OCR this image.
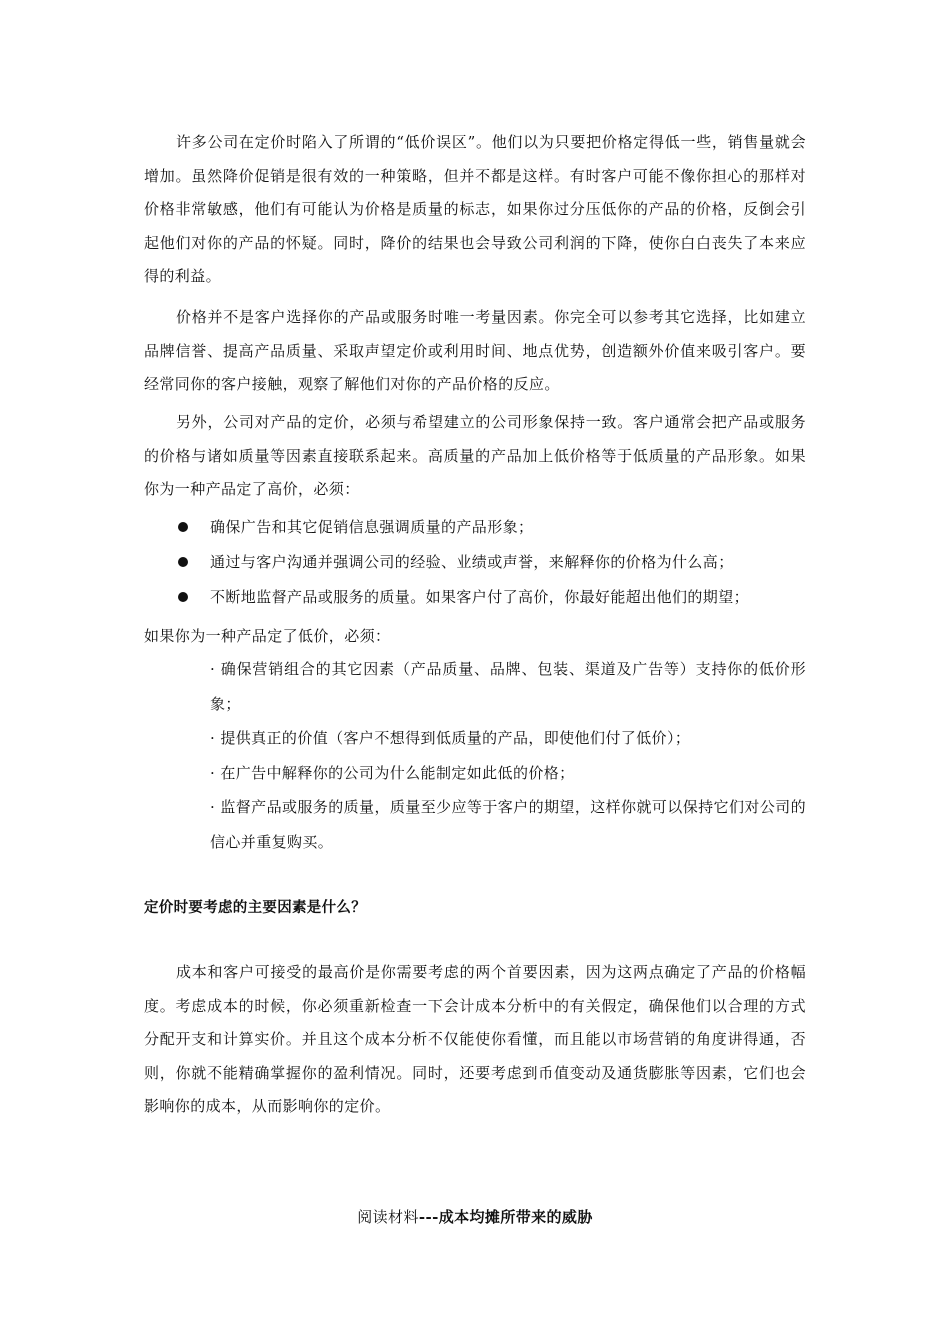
许多公司在定价时陷入了所谓的“低价误区”。他们以为只要把价格定得低一些，销售量就会增加。虽然降价促销是很有效的一种策略，但并不都是这样。有时客户可能不像你担心的那样对价格非常敏感，他们有可能认为价格是质量的标志，如果你过分压低你的产品的价格，反倒会引起他们对你的产品的怀疑。同时，降价的结果也会导致公司利润的下降，使你白白丧失了本来应得的利益。

价格并不是客户选择你的产品或服务时唯一考量因素。你完全可以参考其它选择，比如建立品牌信誉、提高产品质量、采取声望定价或利用时间、地点优势，创造额外价值来吸引客户。要经常同你的客户接触，观察了解他们对你的产品价格的反应。

另外，公司对产品的定价，必须与希望建立的公司形象保持一致。客户通常会把产品或服务的价格与诸如质量等因素直接联系起来。高质量的产品加上低价格等于低质量的产品形象。如果你为一种产品定了高价，必须：

确保广告和其它促销信息强调质量的产品形象；
通过与客户沟通并强调公司的经验、业绩或声誉，来解释你的价格为什么高；
不断地监督产品或服务的质量。如果客户付了高价，你最好能超出他们的期望；

如果你为一种产品定了低价，必须：

· 确保营销组合的其它因素（产品质量、品牌、包装、渠道及广告等）支持你的低价形象；
· 提供真正的价值（客户不想得到低质量的产品，即使他们付了低价）；
· 在广告中解释你的公司为什么能制定如此低的价格；
· 监督产品或服务的质量，质量至少应等于客户的期望，这样你就可以保持它们对公司的信心并重复购买。
定价时要考虑的主要因素是什么？

成本和客户可接受的最高价是你需要考虑的两个首要因素，因为这两点确定了产品的价格幅度。考虑成本的时候，你必须重新检查一下会计成本分析中的有关假定，确保他们以合理的方式分配开支和计算实价。并且这个成本分析不仅能使你看懂，而且能以市场营销的角度讲得通，否则，你就不能精确掌握你的盈利情况。同时，还要考虑到币值变动及通货膨胀等因素，它们也会影响你的成本，从而影响你的定价。

阅读材料---成本均摊所带来的威胁
